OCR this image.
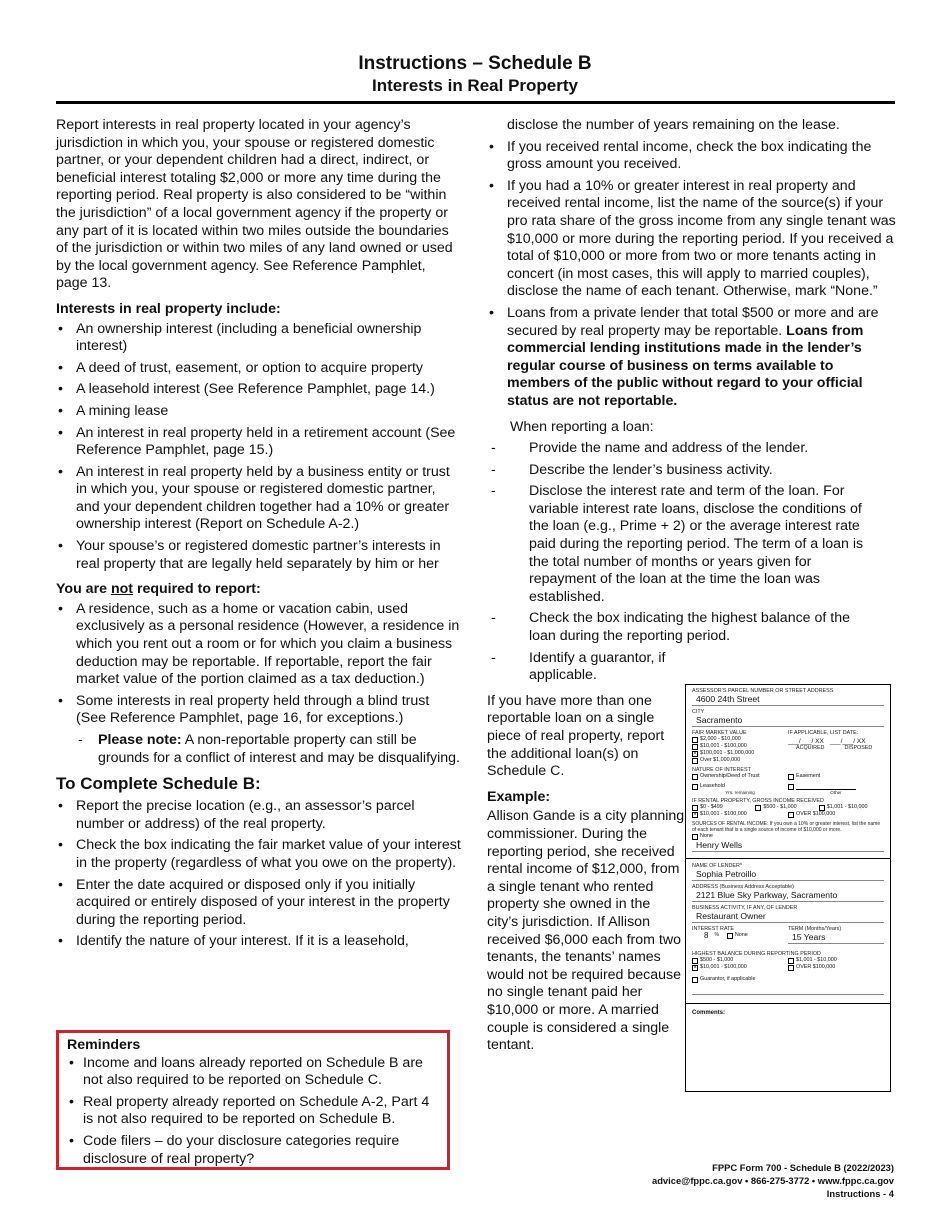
Instructions – Schedule B
Interests in Real Property

Report interests in real property located in your agency’s jurisdiction in which you, your spouse or registered domestic partner, or your dependent children had a direct, indirect, or beneficial interest totaling $2,000 or more any time during the reporting period. Real property is also considered to be “within the jurisdiction” of a local government agency if the property or any part of it is located within two miles outside the boundaries of the jurisdiction or within two miles of any land owned or used by the local government agency. See Reference Pamphlet, page 13.

Interests in real property include:
• An ownership interest (including a beneficial ownership interest)
• A deed of trust, easement, or option to acquire property
• A leasehold interest (See Reference Pamphlet, page 14.)
• A mining lease
• An interest in real property held in a retirement account (See Reference Pamphlet, page 15.)
• An interest in real property held by a business entity or trust in which you, your spouse or registered domestic partner, and your dependent children together had a 10% or greater ownership interest (Report on Schedule A-2.)
• Your spouse’s or registered domestic partner’s interests in real property that are legally held separately by him or her
You are not required to report:
• A residence, such as a home or vacation cabin, used exclusively as a personal residence (However, a residence in which you rent out a room or for which you claim a business deduction may be reportable. If reportable, report the fair market value of the portion claimed as a tax deduction.)
• Some interests in real property held through a blind trust (See Reference Pamphlet, page 16, for exceptions.)
- Please note: A non-reportable property can still be grounds for a conflict of interest and may be disqualifying.
To Complete Schedule B:
• Report the precise location (e.g., an assessor’s parcel number or address) of the real property.
• Check the box indicating the fair market value of your interest in the property (regardless of what you owe on the property).
• Enter the date acquired or disposed only if you initially acquired or entirely disposed of your interest in the property during the reporting period.
• Identify the nature of your interest. If it is a leasehold,
Reminders
• Income and loans already reported on Schedule B are not also required to be reported on Schedule C.
• Real property already reported on Schedule A-2, Part 4 is not also required to be reported on Schedule B.
• Code filers – do your disclosure categories require disclosure of real property?

disclose the number of years remaining on the lease.

• If you received rental income, check the box indicating the gross amount you received.
• If you had a 10% or greater interest in real property and received rental income, list the name of the source(s) if your pro rata share of the gross income from any single tenant was $10,000 or more during the reporting period. If you received a total of $10,000 or more from two or more tenants acting in concert (in most cases, this will apply to married couples), disclose the name of each tenant. Otherwise, mark “None.”
• Loans from a private lender that total $500 or more and are secured by real property may be reportable. Loans from commercial lending institutions made in the lender’s regular course of business on terms available to members of the public without regard to your official status are not reportable.

When reporting a loan:

- Provide the name and address of the lender.
- Describe the lender’s business activity.
- Disclose the interest rate and term of the loan. For variable interest rate loans, disclose the conditions of the loan (e.g., Prime + 2) or the average interest rate paid during the reporting period. The term of a loan is the total number of months or years given for repayment of the loan at the time the loan was established.
- Check the box indicating the highest balance of the loan during the reporting period.
- Identify a guarantor, if applicable.

If you have more than one reportable loan on a single piece of real property, report the additional loan(s) on Schedule C.

Example:

Allison Gande is a city planning commissioner. During the reporting period, she received rental income of $12,000, from a single tenant who rented property she owned in the city’s jurisdiction. If Allison received $6,000 each from two tenants, the tenants’ names would not be required because no single tenant paid her $10,000 or more. A married couple is considered a single tentant.

ASSESSOR’S PARCEL NUMBER OR STREET ADDRESS
4600 24th Street
CITY
Sacramento
FAIR MARKET VALUE
$2,000 - $10,000
$10,001 - $100,000
× $100,001 - $1,000,000
Over $1,000,000
IF APPLICABLE, LIST DATE:
___/___/ XX ___/___/ XX
ACQUIRED	DISPOSED
NATURE OF INTEREST
Ownership/Deed of Trust	Easement
Leasehold
Yrs. remaining	Other
IF RENTAL PROPERTY, GROSS INCOME RECEIVED
$0 - $499	$500 - $1,000	$1,001 - $10,000
× $10,001 - $100,000	OVER $100,000
SOURCES OF RENTAL INCOME: If you own a 10% or greater interest, list the name of each tenant that is a single source of income of $10,000 or more.
None
Henry Wells
NAME OF LENDER*
Sophia Petroillo
ADDRESS (Business Address Acceptable)
2121 Blue Sky Parkway, Sacramento
BUSINESS ACTIVITY, IF ANY, OF LENDER
Restaurant Owner
INTEREST RATE
8 %	None
TERM (Months/Years)
15 Years
HIGHEST BALANCE DURING REPORTING PERIOD
$500 - $1,000	$1,001 - $10,000
× $10,001 - $100,000	OVER $100,000
Guarantor, if applicable
Comments:
FPPC Form 700 - Schedule B (2022/2023)
advice@fppc.ca.gov • 866-275-3772 • www.fppc.ca.gov
Instructions - 4
